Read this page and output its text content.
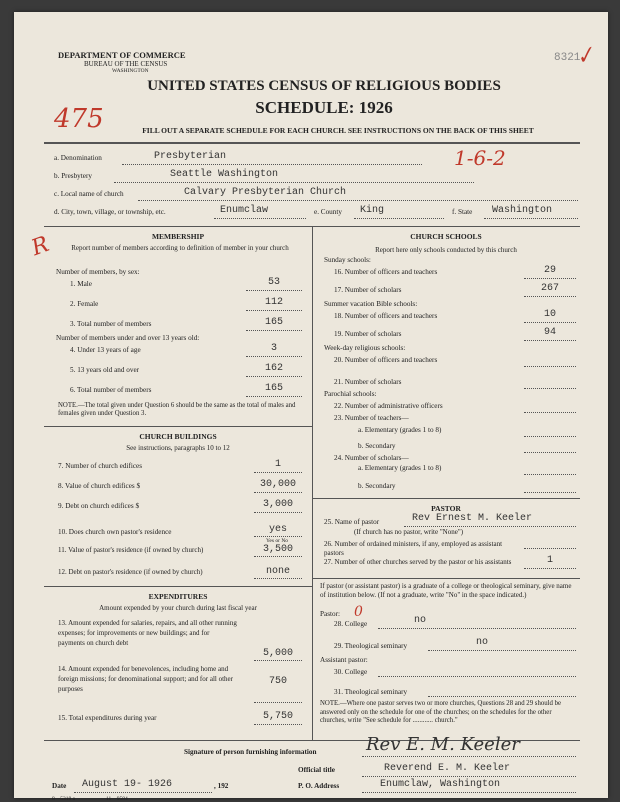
DEPARTMENT OF COMMERCE
BUREAU OF THE CENSUS
WASHINGTON
8321
✓
UNITED STATES CENSUS OF RELIGIOUS BODIES
SCHEDULE: 1926
475	FILL OUT A SEPARATE SCHEDULE FOR EACH CHURCH. SEE INSTRUCTIONS ON THE BACK OF THIS SHEET
a. Denomination	Presbyterian	1-6-2
b. Presbytery	Seattle Washington
c. Local name of church	Calvary Presbyterian Church
d. City, town, village, or township, etc.	Enumclaw	e. County King	f. State Washington
R	MEMBERSHIP
Report number of members according to definition of member in your church
Number of members, by sex:
1. Male	53
2. Female	112
3. Total number of members	165
Number of members under and over 13 years old:
4. Under 13 years of age	3
5. 13 years old and over	162
6. Total number of members	165
NOTE.—The total given under Question 6 should be the same as the total of males and females given under Question 3.
CHURCH BUILDINGS
See instructions, paragraphs 10 to 12
7. Number of church edifices	1
8. Value of church edifices $	30,000
9. Debt on church edifices $	3,000
10. Does church own pastor's residence	yes
Yes or No
11. Value of pastor's residence (if owned by church)	3,500
12. Debt on pastor's residence (if owned by church)	none
EXPENDITURES
Amount expended by your church during last fiscal year
13. Amount expended for salaries, repairs, and all other running expenses; for improvements or new buildings; and for payments on church debt
5,000
14. Amount expended for benevolences, including home and foreign missions; for denominational support; and for all other purposes
750
15. Total expenditures during year	5,750
CHURCH SCHOOLS
Report here only schools conducted by this church
Sunday schools:
16. Number of officers and teachers	29
17. Number of scholars	267
Summer vacation Bible schools:
18. Number of officers and teachers	10
19. Number of scholars	94
Week-day religious schools:
20. Number of officers and teachers
21. Number of scholars
Parochial schools:
22. Number of administrative officers
23. Number of teachers—
a. Elementary (grades 1 to 8)
b. Secondary
24. Number of scholars—
a. Elementary (grades 1 to 8)
b. Secondary
PASTOR
25. Name of pastor	Rev Ernest M. Keeler
(If church has no pastor, write "None")
26. Number of ordained ministers, if any, employed as assistant pastors
27. Number of other churches served by the pastor or his assistants	1
If pastor (or assistant pastor) is a graduate of a college or theological seminary, give name of institution below. (If not a graduate, write "No" in the space indicated.)
Pastor: 0
28. College	no
29. Theological seminary	no
Assistant pastor:
30. College
31. Theological seminary
NOTE.—Where one pastor serves two or more churches, Questions 28 and 29 should be answered only on the schedule for one of the churches; on the schedules for the other churches, write "See schedule for ............ church."
Signature of person furnishing information	Rev E. M. Keeler
Official title	Reverend E. M. Keeler
Date August 19- 1926	, 192	P. O. Address	Enumclaw, Washington
8—5318 a	11—9584
